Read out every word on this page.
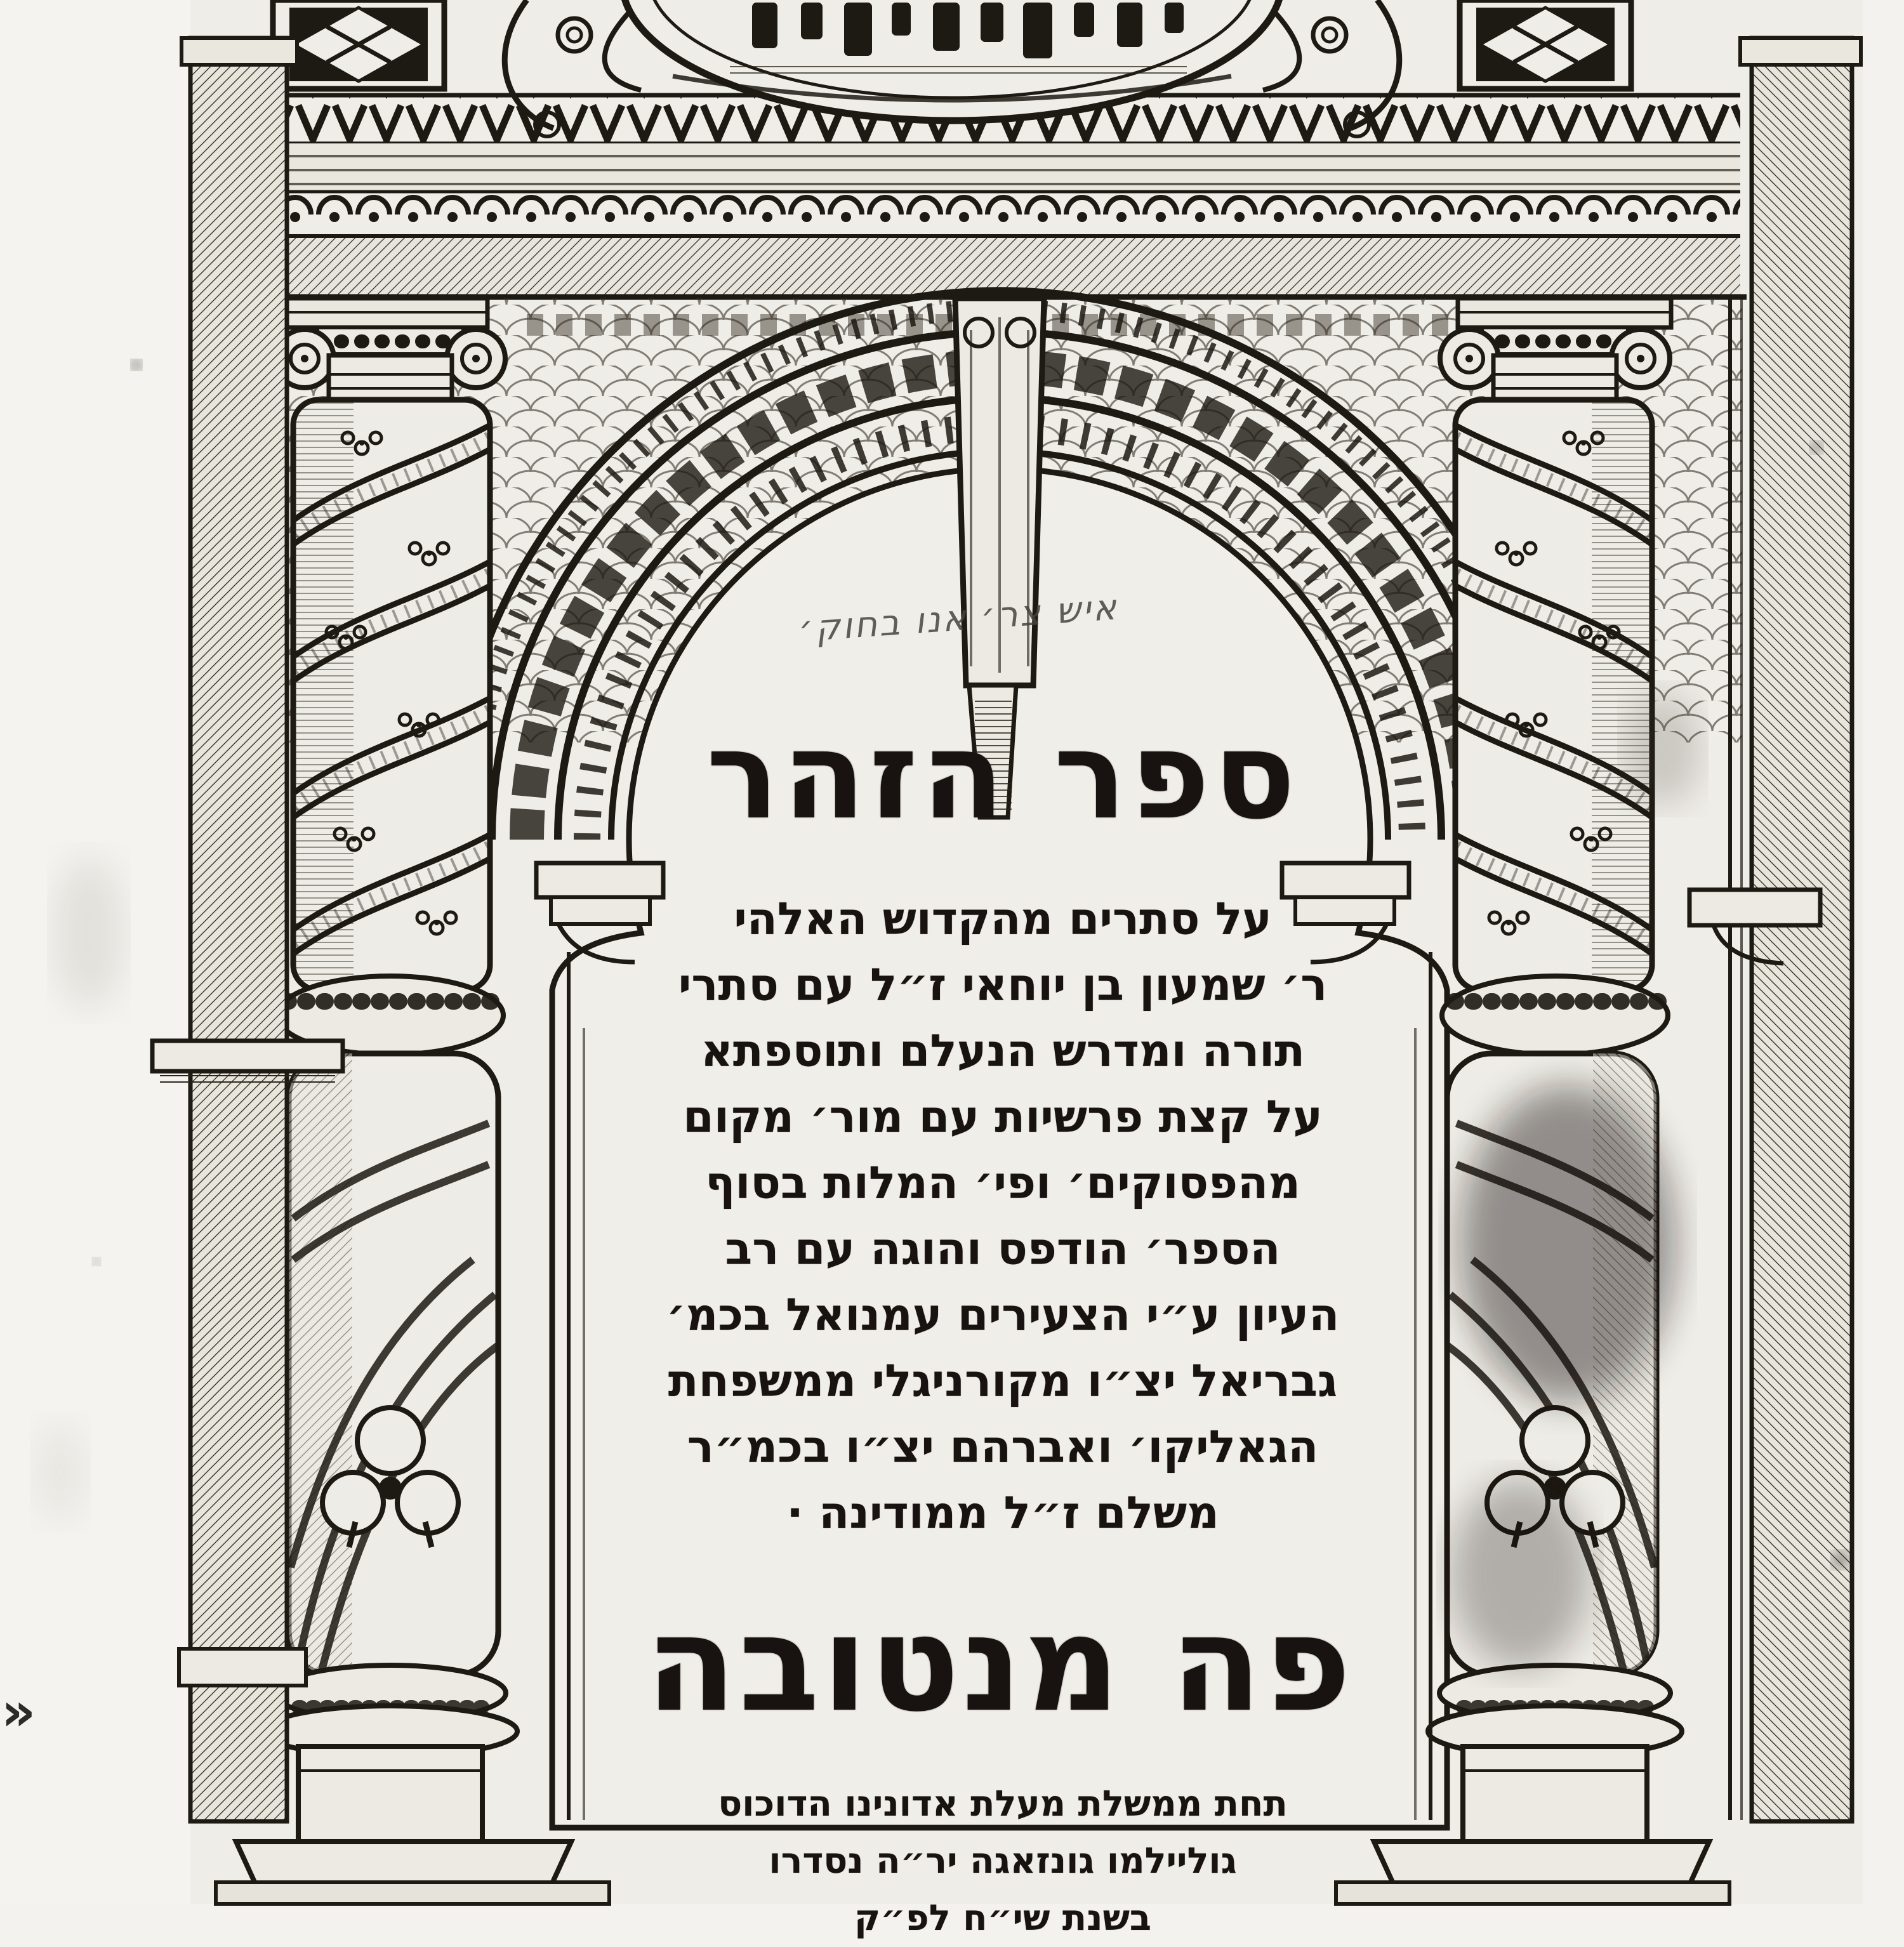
איש צר׳ אנו בחוק׳
ספר הזהר
על סתרים מהקדוש האלהי
ר׳ שמעון בן יוחאי ז״ל עם סתרי
תורה ומדרש הנעלם ותוספתא
על קצת פרשיות עם מור׳ מקום
מהפסוקים׳ ופי׳ המלות בסוף
הספר׳ הודפס והוגה עם רב
העיון ע״י הצעירים עמנואל בכמ׳
גבריאל יצ״ו מקורניגלי ממשפחת
הגאליקו׳ ואברהם יצ״ו בכמ״ר
משלם ז״ל ממודינה ·
פה מנטובה
תחת ממשלת מעלת אדונינו הדוכוס
גוליילמו גונזאגה יר״ה נסדרו
בשנת שי״ח לפ״ק
«
